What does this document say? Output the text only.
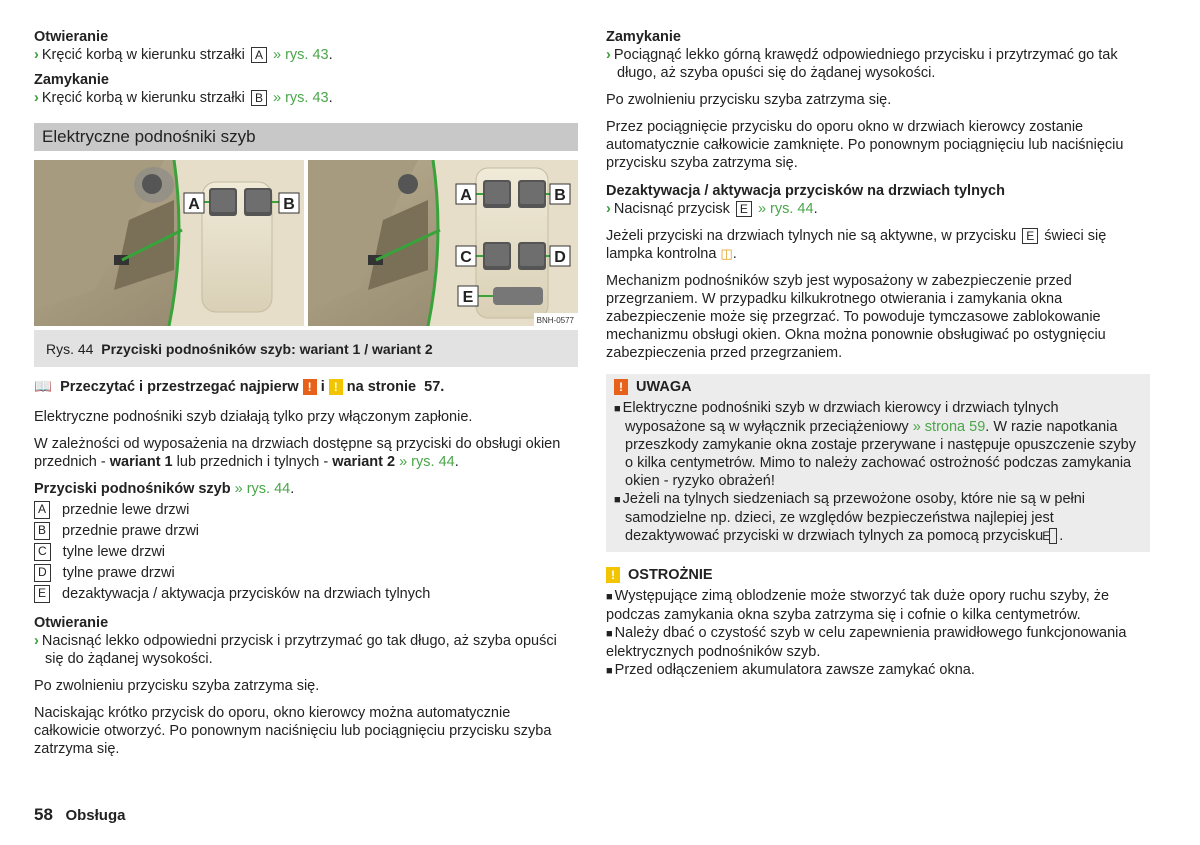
Otwieranie

› Kręcić korbą w kierunku strzałki A » rys. 43.

Zamykanie

› Kręcić korbą w kierunku strzałki B » rys. 43.

Elektryczne podnośniki szyb
A	B
A	B
C	D
E
BNH-0577
Rys. 44 Przyciski podnośników szyb: wariant 1 / wariant 2

📖 Przeczytać i przestrzegać najpierw ! i ! na stronie 57.

Elektryczne podnośniki szyb działają tylko przy włączonym zapłonie.

W zależności od wyposażenia na drzwiach dostępne są przyciski do obsługi okien przednich - wariant 1 lub przednich i tylnych - wariant 2 » rys. 44.

Przyciski podnośników szyb » rys. 44.

A przednie lewe drzwi
B przednie prawe drzwi
C tylne lewe drzwi
D tylne prawe drzwi
E dezaktywacja / aktywacja przycisków na drzwiach tylnych

Otwieranie

› Nacisnąć lekko odpowiedni przycisk i przytrzymać go tak długo, aż szyba opuści się do żądanej wysokości.

Po zwolnieniu przycisku szyba zatrzyma się.

Naciskając krótko przycisk do oporu, okno kierowcy można automatycznie całkowicie otworzyć. Po ponownym naciśnięciu lub pociągnięciu przycisku szyba zatrzyma się.

Zamykanie

› Pociągnąć lekko górną krawędź odpowiedniego przycisku i przytrzymać go tak długo, aż szyba opuści się do żądanej wysokości.

Po zwolnieniu przycisku szyba zatrzyma się.

Przez pociągnięcie przycisku do oporu okno w drzwiach kierowcy zostanie automatycznie całkowicie zamknięte. Po ponownym pociągnięciu lub naciśnięciu przycisku szyba zatrzyma się.

Dezaktywacja / aktywacja przycisków na drzwiach tylnych

› Nacisnąć przycisk E » rys. 44.

Jeżeli przyciski na drzwiach tylnych nie są aktywne, w przycisku E świeci się lampka kontrolna ◫.

Mechanizm podnośników szyb jest wyposażony w zabezpieczenie przed przegrzaniem. W przypadku kilkukrotnego otwierania i zamykania okna zabezpieczenie może się przegrzać. To powoduje tymczasowe zablokowanie mechanizmu obsługi okien. Okna można ponownie obsługiwać po ostygnięciu zabezpieczenia przed przegrzaniem.

! UWAGA

■ Elektryczne podnośniki szyb w drzwiach kierowcy i drzwiach tylnych wyposażone są w wyłącznik przeciążeniowy » strona 59. W razie napotkania przeszkody zamykanie okna zostaje przerywane i następuje opuszczenie szyby o kilka centymetrów. Mimo to należy zachować ostrożność podczas zamykania okien - ryzyko obrażeń!

■ Jeżeli na tylnych siedzeniach są przewożone osoby, które nie są w pełni samodzielne np. dzieci, ze względów bezpieczeństwa najlepiej jest dezaktywować przyciski w drzwiach tylnych za pomocą przycisku E .

! OSTROŻNIE

■ Występujące zimą oblodzenie może stworzyć tak duże opory ruchu szyby, że podczas zamykania okna szyba zatrzyma się i cofnie o kilka centymetrów.

■ Należy dbać o czystość szyb w celu zapewnienia prawidłowego funkcjonowania elektrycznych podnośników szyb.

■ Przed odłączeniem akumulatora zawsze zamykać okna.

58 Obsługa
